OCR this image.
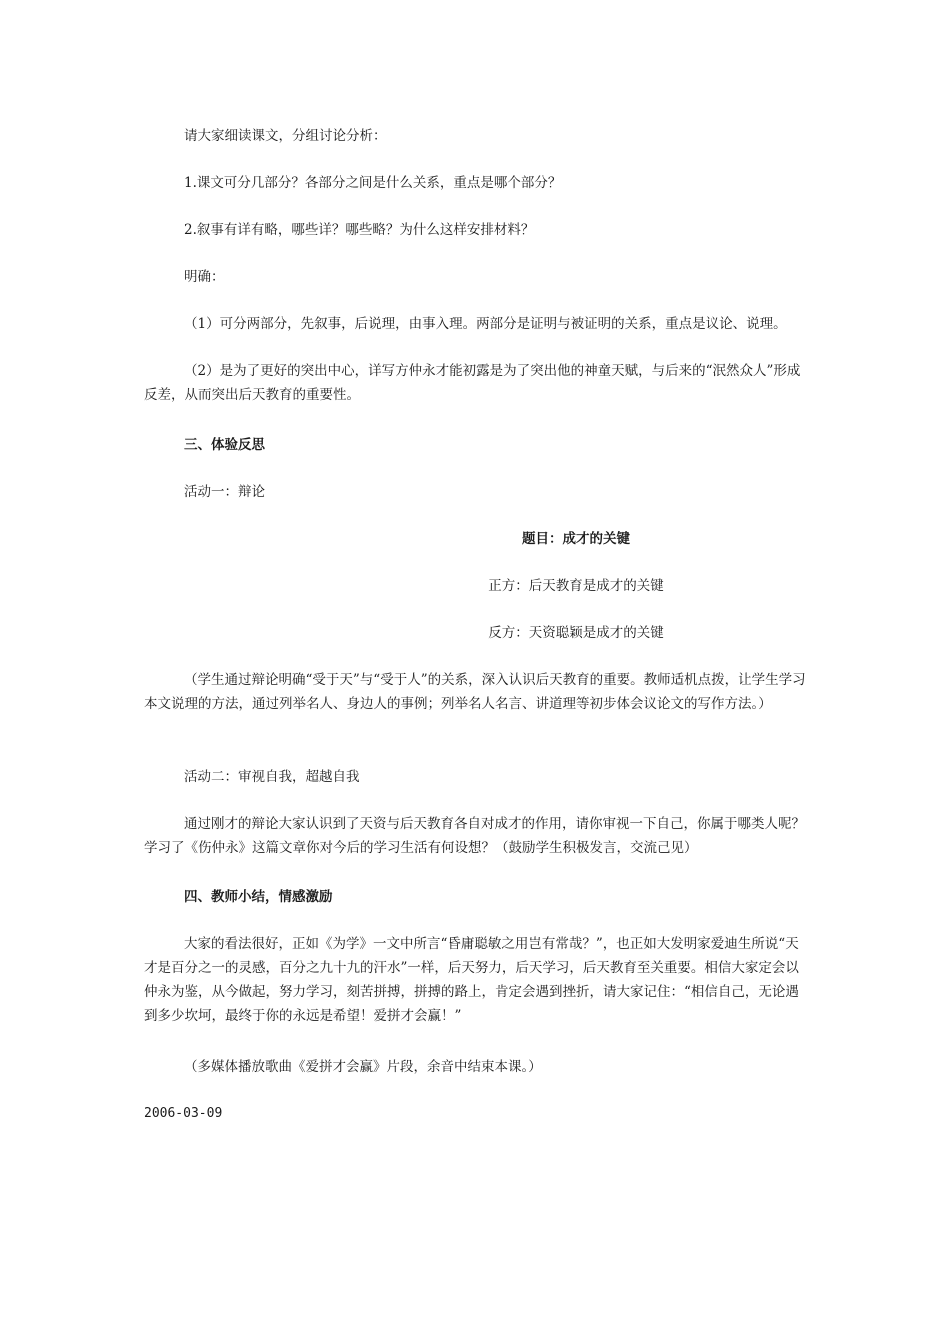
请大家细读课文，分组讨论分析：

1.课文可分几部分？各部分之间是什么关系，重点是哪个部分？

2.叙事有详有略，哪些详？哪些略？为什么这样安排材料？

明确：

（1）可分两部分，先叙事，后说理，由事入理。两部分是证明与被证明的关系，重点是议论、说理。

（2）是为了更好的突出中心，详写方仲永才能初露是为了突出他的神童天赋，与后来的“泯然众人”形成反差，从而突出后天教育的重要性。

三、体验反思

活动一：辩论

题目：成才的关键

正方：后天教育是成才的关键

反方：天资聪颖是成才的关键

（学生通过辩论明确“受于天”与“受于人”的关系，深入认识后天教育的重要。教师适机点拨，让学生学习本文说理的方法，通过列举名人、身边人的事例；列举名人名言、讲道理等初步体会议论文的写作方法。）

活动二：审视自我，超越自我

通过刚才的辩论大家认识到了天资与后天教育各自对成才的作用，请你审视一下自己，你属于哪类人呢？学习了《伤仲永》这篇文章你对今后的学习生活有何设想？（鼓励学生积极发言，交流己见）

四、教师小结，情感激励

大家的看法很好，正如《为学》一文中所言“昏庸聪敏之用岂有常哉？”，也正如大发明家爱迪生所说“天才是百分之一的灵感，百分之九十九的汗水”一样，后天努力，后天学习，后天教育至关重要。相信大家定会以仲永为鉴，从今做起，努力学习，刻苦拼搏，拼搏的路上，肯定会遇到挫折，请大家记住：“相信自己，无论遇到多少坎坷，最终于你的永远是希望！爱拼才会赢！”

（多媒体播放歌曲《爱拼才会赢》片段，余音中结束本课。）

2006-03-09
